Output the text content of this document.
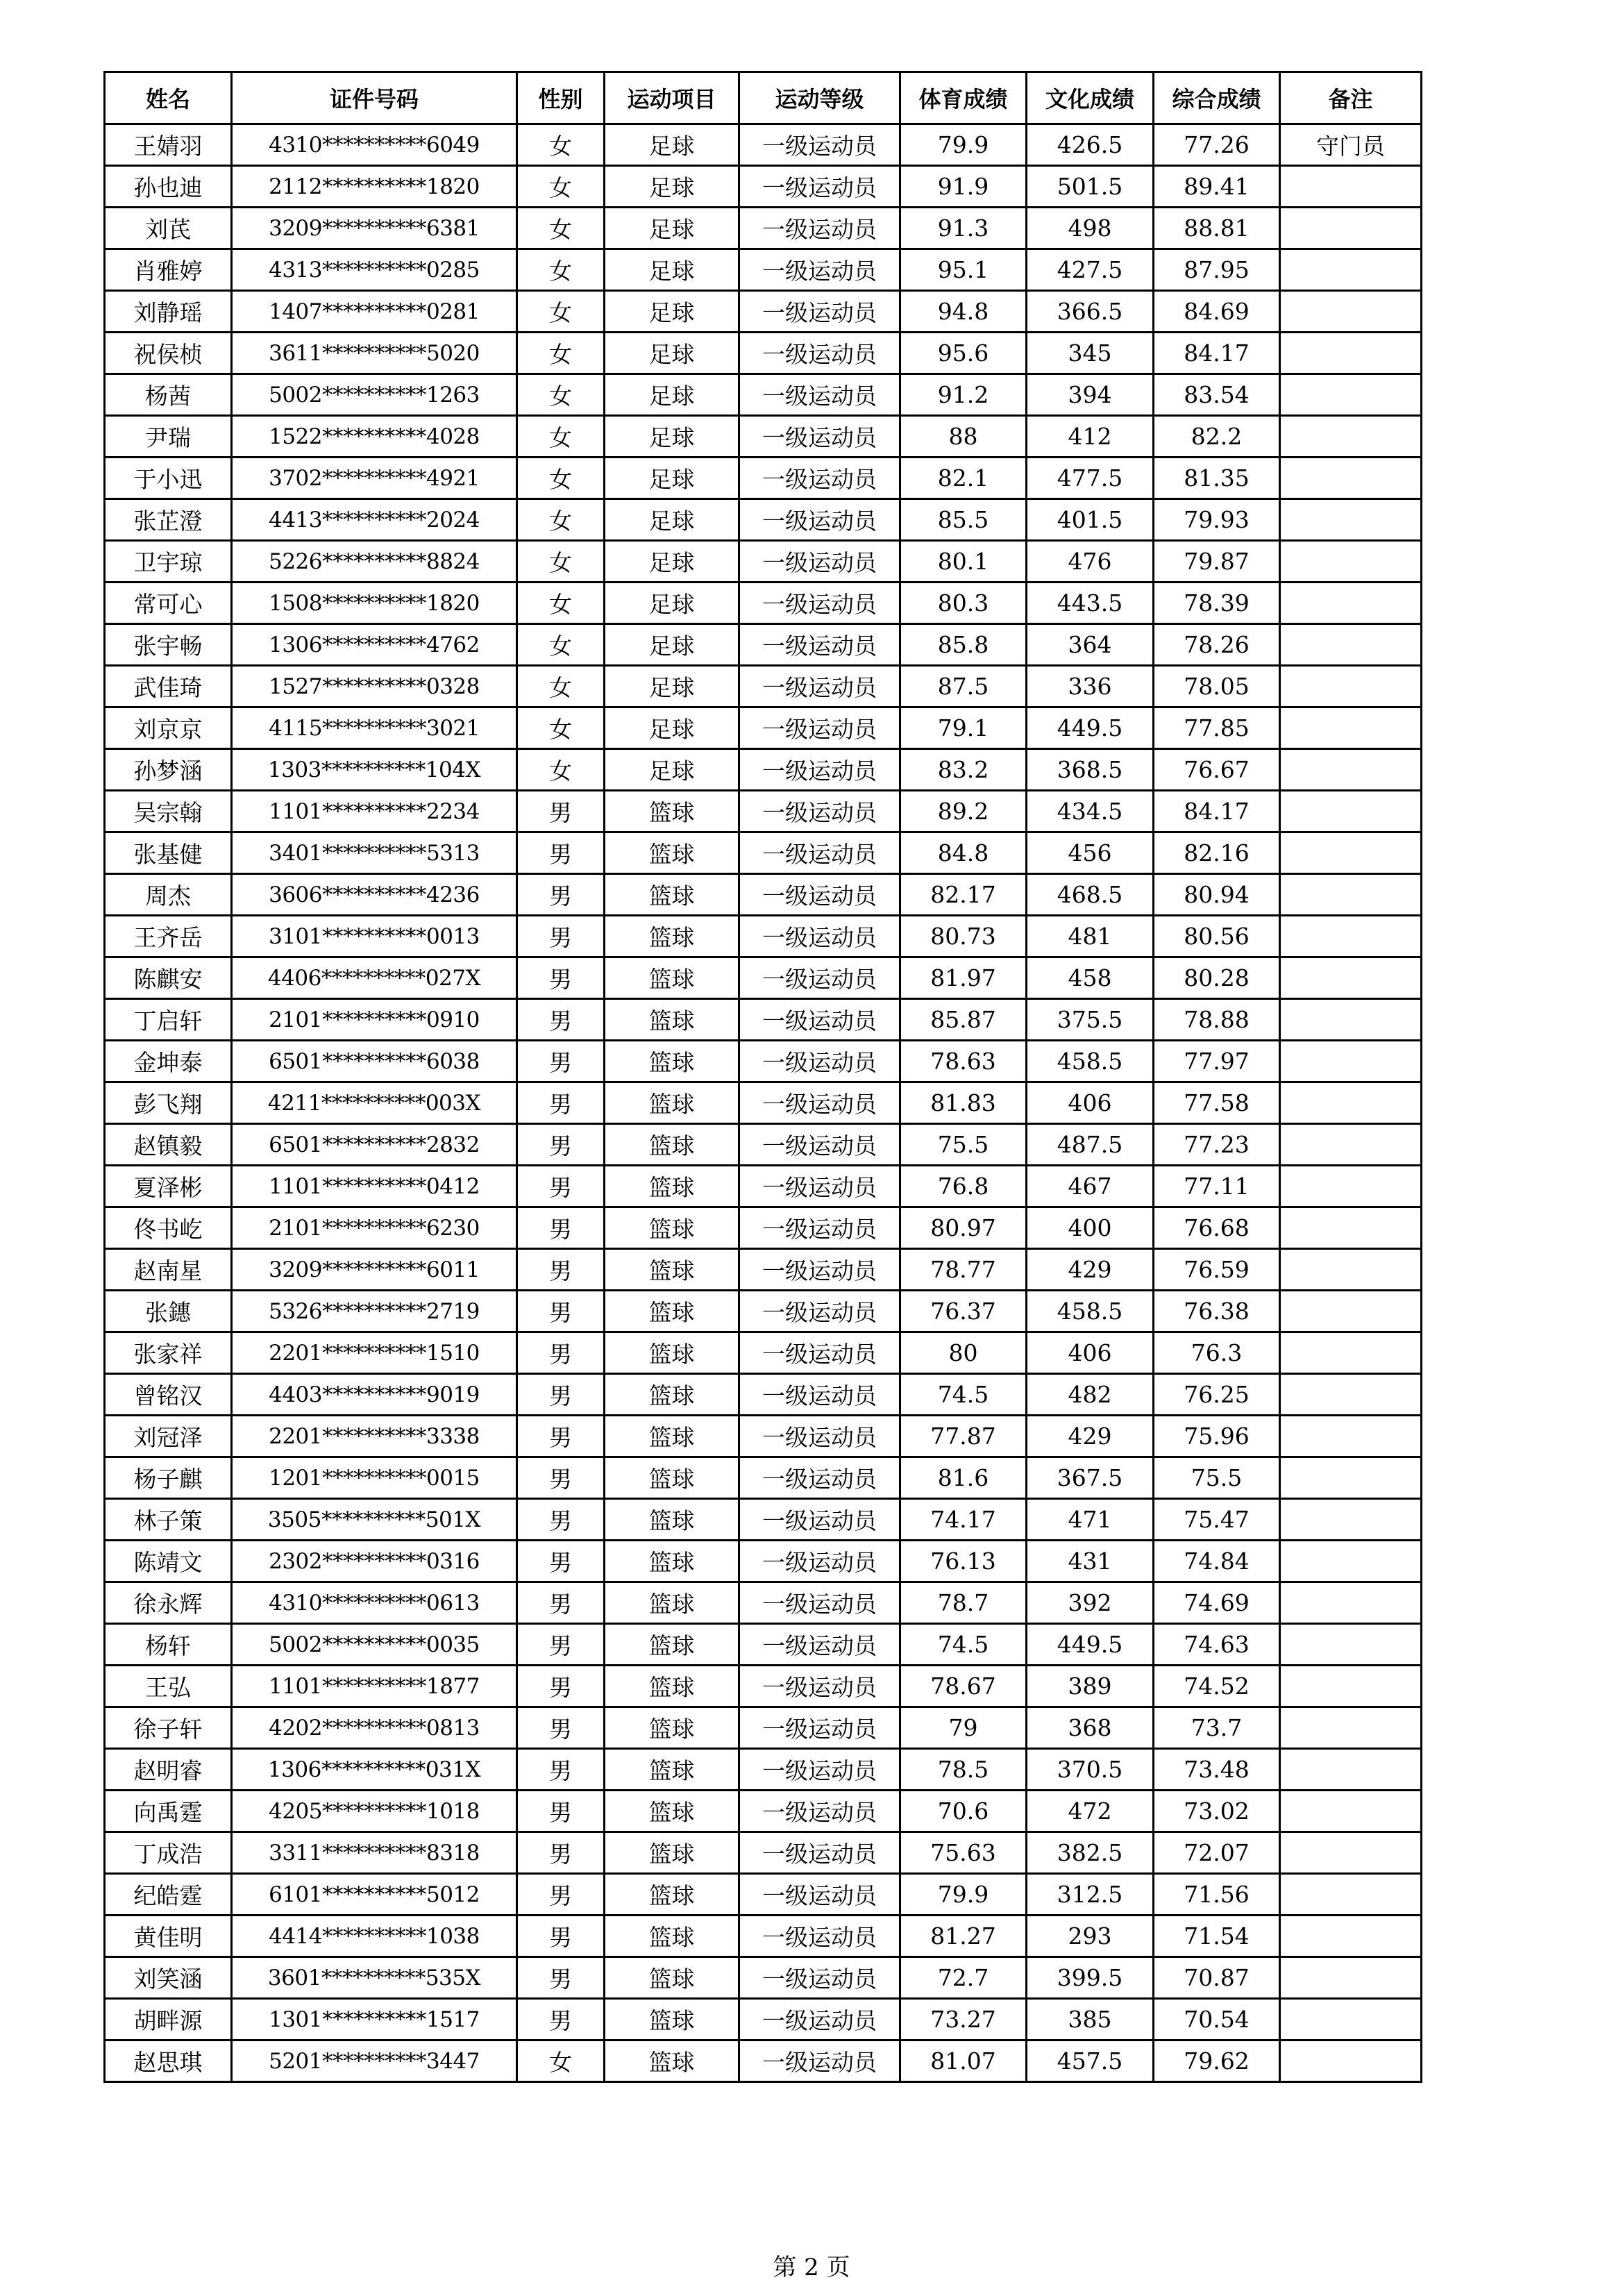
姓名	证件号码	性别	运动项目	运动等级	体育成绩	文化成绩	综合成绩	备注
王婧羽	4310**********6049	女	足球	一级运动员	79.9	426.5	77.26	守门员
孙也迪	2112**********1820	女	足球	一级运动员	91.9	501.5	89.41	
刘芪	3209**********6381	女	足球	一级运动员	91.3	498	88.81	
肖雅婷	4313**********0285	女	足球	一级运动员	95.1	427.5	87.95	
刘静瑶	1407**********0281	女	足球	一级运动员	94.8	366.5	84.69	
祝侯桢	3611**********5020	女	足球	一级运动员	95.6	345	84.17	
杨茜	5002**********1263	女	足球	一级运动员	91.2	394	83.54	
尹瑞	1522**********4028	女	足球	一级运动员	88	412	82.2	
于小迅	3702**********4921	女	足球	一级运动员	82.1	477.5	81.35	
张芷澄	4413**********2024	女	足球	一级运动员	85.5	401.5	79.93	
卫宇琼	5226**********8824	女	足球	一级运动员	80.1	476	79.87	
常可心	1508**********1820	女	足球	一级运动员	80.3	443.5	78.39	
张宇畅	1306**********4762	女	足球	一级运动员	85.8	364	78.26	
武佳琦	1527**********0328	女	足球	一级运动员	87.5	336	78.05	
刘京京	4115**********3021	女	足球	一级运动员	79.1	449.5	77.85	
孙梦涵	1303**********104X	女	足球	一级运动员	83.2	368.5	76.67	
吴宗翰	1101**********2234	男	篮球	一级运动员	89.2	434.5	84.17	
张基健	3401**********5313	男	篮球	一级运动员	84.8	456	82.16	
周杰	3606**********4236	男	篮球	一级运动员	82.17	468.5	80.94	
王齐岳	3101**********0013	男	篮球	一级运动员	80.73	481	80.56	
陈麒安	4406**********027X	男	篮球	一级运动员	81.97	458	80.28	
丁启轩	2101**********0910	男	篮球	一级运动员	85.87	375.5	78.88	
金坤泰	6501**********6038	男	篮球	一级运动员	78.63	458.5	77.97	
彭飞翔	4211**********003X	男	篮球	一级运动员	81.83	406	77.58	
赵镇毅	6501**********2832	男	篮球	一级运动员	75.5	487.5	77.23	
夏泽彬	1101**********0412	男	篮球	一级运动员	76.8	467	77.11	
佟书屹	2101**********6230	男	篮球	一级运动员	80.97	400	76.68	
赵南星	3209**********6011	男	篮球	一级运动员	78.77	429	76.59	
张鏸	5326**********2719	男	篮球	一级运动员	76.37	458.5	76.38	
张家祥	2201**********1510	男	篮球	一级运动员	80	406	76.3	
曾铭汉	4403**********9019	男	篮球	一级运动员	74.5	482	76.25	
刘冠泽	2201**********3338	男	篮球	一级运动员	77.87	429	75.96	
杨子麒	1201**********0015	男	篮球	一级运动员	81.6	367.5	75.5	
林子策	3505**********501X	男	篮球	一级运动员	74.17	471	75.47	
陈靖文	2302**********0316	男	篮球	一级运动员	76.13	431	74.84	
徐永辉	4310**********0613	男	篮球	一级运动员	78.7	392	74.69	
杨轩	5002**********0035	男	篮球	一级运动员	74.5	449.5	74.63	
王弘	1101**********1877	男	篮球	一级运动员	78.67	389	74.52	
徐子轩	4202**********0813	男	篮球	一级运动员	79	368	73.7	
赵明睿	1306**********031X	男	篮球	一级运动员	78.5	370.5	73.48	
向禹霆	4205**********1018	男	篮球	一级运动员	70.6	472	73.02	
丁成浩	3311**********8318	男	篮球	一级运动员	75.63	382.5	72.07	
纪皓霆	6101**********5012	男	篮球	一级运动员	79.9	312.5	71.56	
黄佳明	4414**********1038	男	篮球	一级运动员	81.27	293	71.54	
刘笑涵	3601**********535X	男	篮球	一级运动员	72.7	399.5	70.87	
胡畔源	1301**********1517	男	篮球	一级运动员	73.27	385	70.54	
赵思琪	5201**********3447	女	篮球	一级运动员	81.07	457.5	79.62	
第 2 页
